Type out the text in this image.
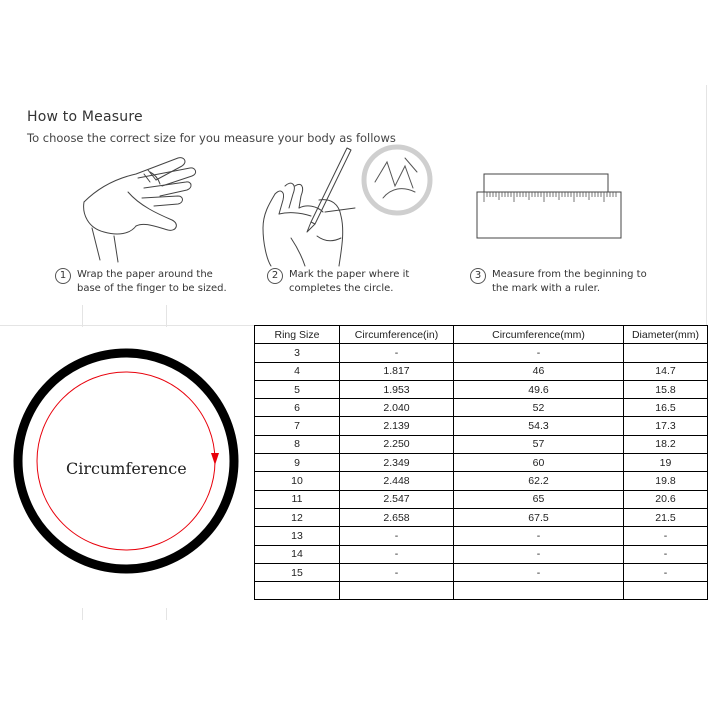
How to Measure
To choose the correct size for you measure your body as follows
1	Wrap the paper around the
base of the finger to be sized.
2	Mark the paper where it
completes the circle.
3	Measure from the beginning to
the mark with a ruler.
Circumference
Ring Size	Circumference(in)	Circumference(mm)	Diameter(mm)
3	-	-	
4	1.817	46	14.7
5	1.953	49.6	15.8
6	2.040	52	16.5
7	2.139	54.3	17.3
8	2.250	57	18.2
9	2.349	60	19
10	2.448	62.2	19.8
11	2.547	65	20.6
12	2.658	67.5	21.5
13	-	-	-
14	-	-	-
15	-	-	-
